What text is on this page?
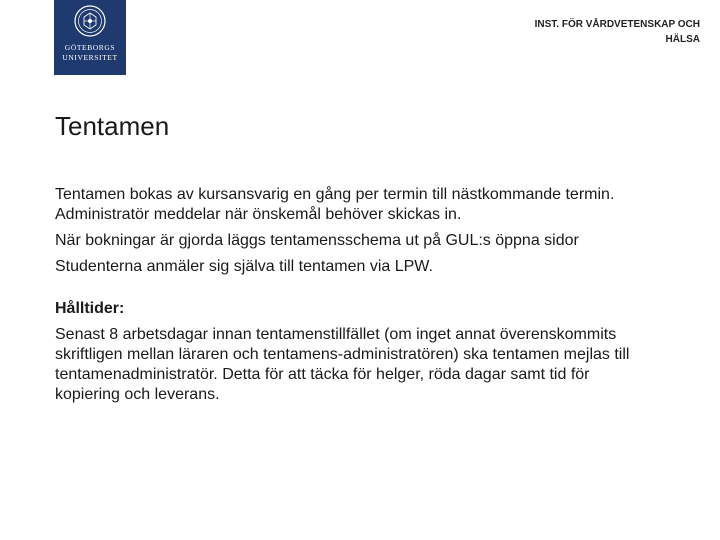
GÖTEBORGS
UNIVERSITET
INST. FÖR VÅRDVETENSKAP OCH
HÄLSA
Tentamen

Tentamen bokas av kursansvarig en gång per termin till nästkommande termin.

Administratör meddelar när önskemål behöver skickas in.

När bokningar är gjorda läggs tentamensschema ut på GUL:s öppna sidor

Studenterna anmäler sig själva till tentamen via LPW.

Hålltider:

Senast 8 arbetsdagar innan tentamenstillfället (om inget annat överenskommits skriftligen mellan läraren och tentamens-administratören) ska tentamen mejlas till tentamenadministratör. Detta för att täcka för helger, röda dagar samt tid för kopiering och leverans.
